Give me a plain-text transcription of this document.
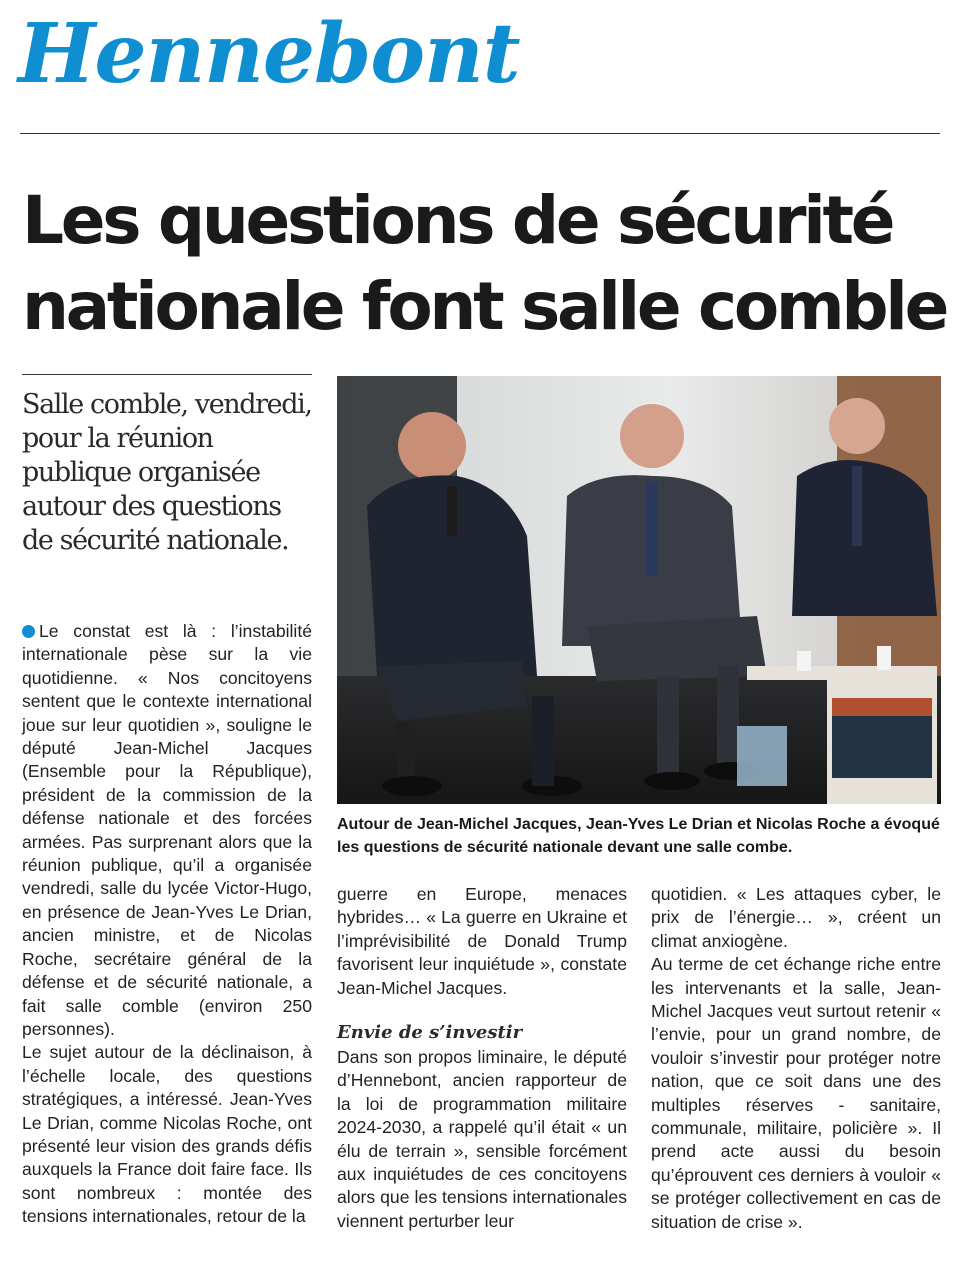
Hennebont
Les questions de sécurité nationale font salle comble

Salle comble, vendredi, pour la réunion publique organisée autour des questions de sécurité nationale.

Autour de Jean-Michel Jacques, Jean-Yves Le Drian et Nicolas Roche a évoqué les questions de sécurité nationale devant une salle combe.

Le constat est là : l’instabilité internationale pèse sur la vie quotidienne. « Nos concitoyens sentent que le contexte international joue sur leur quotidien », souligne le député Jean-Michel Jacques (Ensemble pour la République), président de la commission de la défense nationale et des forcées armées. Pas surprenant alors que la réunion publique, qu’il a organisée vendredi, salle du lycée Victor-Hugo, en présence de Jean-Yves Le Drian, ancien ministre, et de Nicolas Roche, secrétaire général de la défense et de sécurité nationale, a fait salle comble (environ 250 personnes).

Le sujet autour de la déclinaison, à l’échelle locale, des questions stratégiques, a intéressé. Jean-Yves Le Drian, comme Nicolas Roche, ont présenté leur vision des grands défis auxquels la France doit faire face. Ils sont nombreux : montée des tensions internationales, retour de la

guerre en Europe, menaces hybrides… « La guerre en Ukraine et l’imprévisibilité de Donald Trump favorisent leur inquiétude », constate Jean-Michel Jacques.

Envie de s’investir

Dans son propos liminaire, le député d’Hennebont, ancien rapporteur de la loi de programmation militaire 2024-2030, a rappelé qu’il était « un élu de terrain », sensible forcément aux inquiétudes de ces concitoyens alors que les tensions internationales viennent perturber leur

quotidien. « Les attaques cyber, le prix de l’énergie… », créent un climat anxiogène.

Au terme de cet échange riche entre les intervenants et la salle, Jean-Michel Jacques veut surtout retenir « l’envie, pour un grand nombre, de vouloir s’investir pour protéger notre nation, que ce soit dans une des multiples réserves - sanitaire, communale, militaire, policière ». Il prend acte aussi du besoin qu’éprouvent ces derniers à vouloir « se protéger collectivement en cas de situation de crise ».
